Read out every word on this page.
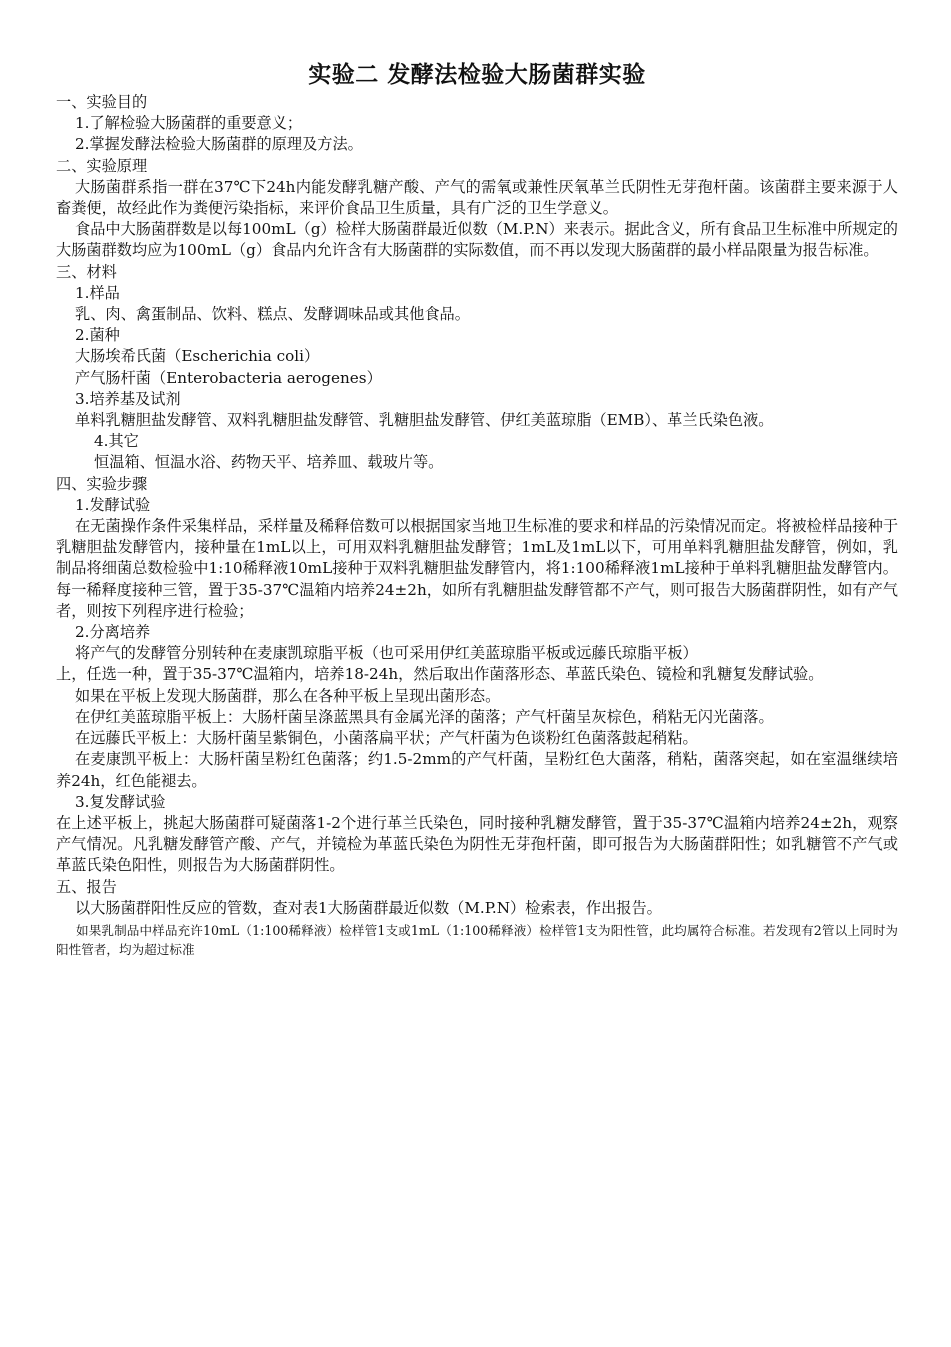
实验二 发酵法检验大肠菌群实验

一、实验目的

1.了解检验大肠菌群的重要意义；

2.掌握发酵法检验大肠菌群的原理及方法。

二、实验原理

大肠菌群系指一群在37℃下24h内能发酵乳糖产酸、产气的需氧或兼性厌氧革兰氏阴性无芽孢杆菌。该菌群主要来源于人畜粪便，故经此作为粪便污染指标，来评价食品卫生质量，具有广泛的卫生学意义。

食品中大肠菌群数是以每100mL（g）检样大肠菌群最近似数（M.P.N）来表示。据此含义，所有食品卫生标准中所规定的大肠菌群数均应为100mL（g）食品内允许含有大肠菌群的实际数值，而不再以发现大肠菌群的最小样品限量为报告标准。

三、材料

1.样品

乳、肉、禽蛋制品、饮料、糕点、发酵调味品或其他食品。

2.菌种

大肠埃希氏菌（Escherichia coli）

产气肠杆菌（Enterobacteria aerogenes）

3.培养基及试剂

单料乳糖胆盐发酵管、双料乳糖胆盐发酵管、乳糖胆盐发酵管、伊红美蓝琼脂（EMB）、革兰氏染色液。

4.其它

恒温箱、恒温水浴、药物天平、培养皿、载玻片等。

四、实验步骤

1.发酵试验

在无菌操作条件采集样品，采样量及稀释倍数可以根据国家当地卫生标准的要求和样品的污染情况而定。将被检样品接种于乳糖胆盐发酵管内，接种量在1mL以上，可用双料乳糖胆盐发酵管；1mL及1mL以下，可用单料乳糖胆盐发酵管，例如，乳制品将细菌总数检验中1:10稀释液10mL接种于双料乳糖胆盐发酵管内，将1:100稀释液1mL接种于单料乳糖胆盐发酵管内。每一稀释度接种三管，置于35-37℃温箱内培养24±2h，如所有乳糖胆盐发酵管都不产气，则可报告大肠菌群阴性，如有产气者，则按下列程序进行检验；

2.分离培养

将产气的发酵管分别转种在麦康凯琼脂平板（也可采用伊红美蓝琼脂平板或远藤氏琼脂平板）

上，任选一种，置于35-37℃温箱内，培养18-24h，然后取出作菌落形态、革蓝氏染色、镜检和乳糖复发酵试验。

如果在平板上发现大肠菌群，那么在各种平板上呈现出菌形态。

在伊红美蓝琼脂平板上：大肠杆菌呈涤蓝黑具有金属光泽的菌落；产气杆菌呈灰棕色，稍粘无闪光菌落。

在远藤氏平板上：大肠杆菌呈紫铜色，小菌落扁平状；产气杆菌为色谈粉红色菌落鼓起稍粘。

在麦康凯平板上：大肠杆菌呈粉红色菌落；约1.5-2mm的产气杆菌，呈粉红色大菌落，稍粘，菌落突起，如在室温继续培养24h，红色能褪去。

3.复发酵试验

在上述平板上，挑起大肠菌群可疑菌落1-2个进行革兰氏染色，同时接种乳糖发酵管，置于35-37℃温箱内培养24±2h，观察产气情况。凡乳糖发酵管产酸、产气，并镜检为革蓝氏染色为阴性无芽孢杆菌，即可报告为大肠菌群阳性；如乳糖管不产气或革蓝氏染色阳性，则报告为大肠菌群阴性。

五、报告

以大肠菌群阳性反应的管数，查对表1大肠菌群最近似数（M.P.N）检索表，作出报告。

如果乳制品中样品充许10mL（1:100稀释液）检样管1支或1mL（1:100稀释液）检样管1支为阳性管，此均属符合标准。若发现有2管以上同时为阳性管者，均为超过标准
